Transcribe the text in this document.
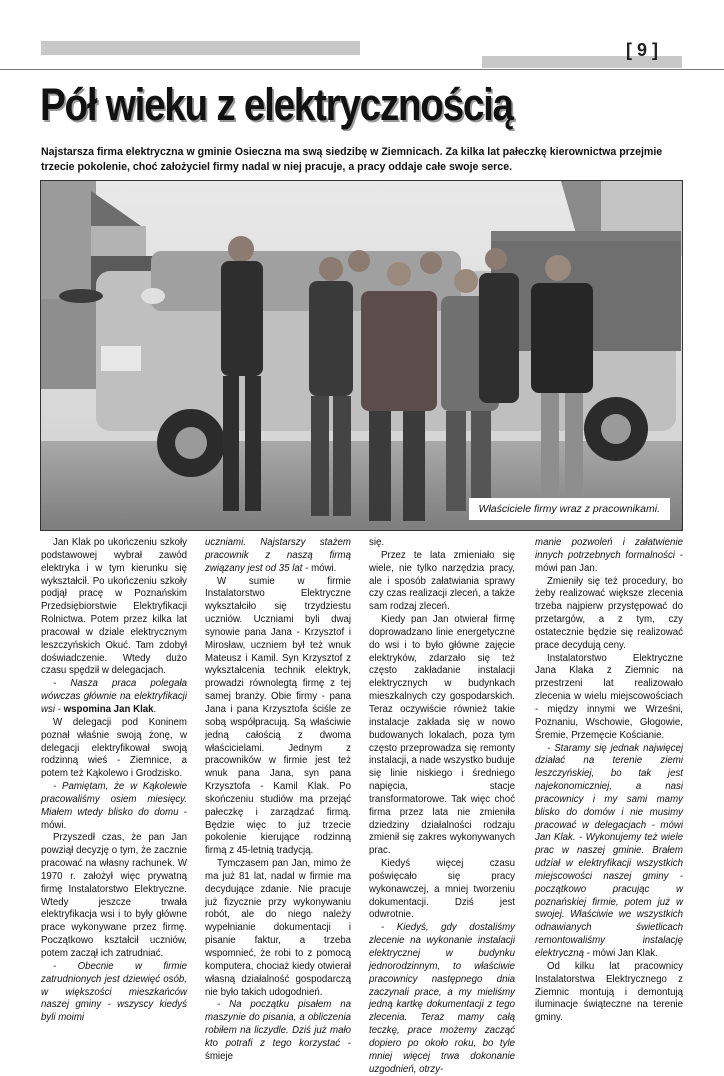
[ 9 ]
Pół wieku z elektrycznością
Najstarsza firma elektryczna w gminie Osieczna ma swą siedzibę w Ziemnicach. Za kilka lat pałeczkę kierownictwa przejmie trzecie pokolenie, choć założyciel firmy nadal w niej pracuje, a pracy oddaje całe swoje serce.
Właściciele firmy wraz z pracownikami.

Jan Klak po ukończeniu szkoły podstawowej wybrał zawód elektryka i w tym kierunku się wykształcił. Po ukończeniu szkoły podjął pracę w Poznańskim Przedsiębiorstwie Elektryfikacji Rolnictwa. Potem przez kilka lat pracował w dziale elektrycznym leszczyńskich Okuć. Tam zdobył doświadczenie. Wtedy dużo czasu spędził w delegacjach.

- Nasza praca polegała wówczas głównie na elektryfikacji wsi - wspomina Jan Klak.

W delegacji pod Koninem poznał właśnie swoją żonę, w delegacji elektryfikował swoją rodzinną wieś - Ziemnice, a potem też Kąkolewo i Grodzisko.

- Pamiętam, że w Kąkolewie pracowaliśmy osiem miesięcy. Miałem wtedy blisko do domu - mówi.

Przyszedł czas, że pan Jan powziął decyzję o tym, że zacznie pracować na własny rachunek. W 1970 r. założył więc prywatną firmę Instalatorstwo Elektryczne. Wtedy jeszcze trwała elektryfikacja wsi i to były główne prace wykonywane przez firmę. Początkowo kształcił uczniów, potem zaczął ich zatrudniać.

- Obecnie w firmie zatrudnionych jest dziewięć osób, w większości mieszkańców naszej gminy - wszyscy kiedyś byli moimi

uczniami. Najstarszy stażem pracownik z naszą firmą związany jest od 35 lat - mówi.

W sumie w firmie Instalatorstwo Elektryczne wykształciło się trzydziestu uczniów. Uczniami byli dwaj synowie pana Jana - Krzysztof i Mirosław, uczniem był też wnuk Mateusz i Kamil. Syn Krzysztof z wykształcenia technik elektryk, prowadzi równolegtą firmę z tej samej branży. Obie firmy - pana Jana i pana Krzysztofa ściśle ze sobą współpracują. Są właściwie jedną całością z dwoma właścicielami. Jednym z pracowników w firmie jest też wnuk pana Jana, syn pana Krzysztofa - Kamil Klak. Po skończeniu studiów ma przejąć pałeczkę i zarządzać firmą. Będzie więc to już trzecie pokolenie kierujące rodzinną firmą z 45-letnią tradycją.

Tymczasem pan Jan, mimo że ma już 81 lat, nadal w firmie ma decydujące zdanie. Nie pracuje już fizycznie przy wykonywaniu robót, ale do niego należy wypełnianie dokumentacji i pisanie faktur, a trzeba wspomnieć, że robi to z pomocą komputera, chociaż kiedy otwierał własną działalność gospodarczą nie było takich udogodnień.

- Na początku pisałem na maszynie do pisania, a obliczenia robiłem na liczydle. Dziś już mało kto potrafi z tego korzystać - śmieje

się.

Przez te lata zmieniało się wiele, nie tylko narzędzia pracy, ale i sposób załatwiania sprawy czy czas realizacji zleceń, a także sam rodzaj zleceń.

Kiedy pan Jan otwierał firmę doprowadzano linie energetyczne do wsi i to było główne zajęcie elektryków, zdarzało się też często zakładanie instalacji elektrycznych w budynkach mieszkalnych czy gospodarskich. Teraz oczywiście również takie instalacje zakłada się w nowo budowanych lokalach, poza tym często przeprowadza się remonty instalacji, a nade wszystko buduje się linie niskiego i średniego napięcia, stacje transformatorowe. Tak więc choć firma przez lata nie zmieniła dziedziny działalności rodzaju zmienił się zakres wykonywanych prac.

Kiedyś więcej czasu poświęcało się pracy wykonawczej, a mniej tworzeniu dokumentacji. Dziś jest odwrotnie.

- Kiedyś, gdy dostaliśmy zlecenie na wykonanie instalacji elektrycznej w budynku jednorodzinnym, to właściwie pracownicy następnego dnia zaczynali prace, a my mieliśmy jedną kartkę dokumentacji z tego zlecenia. Teraz mamy całą teczkę, prace możemy zacząć dopiero po około roku, bo tyle mniej więcej trwa dokonanie uzgodnień, otrzy-

manie pozwoleń i załatwienie innych potrzebnych formalności - mówi pan Jan.

Zmieniły się też procedury, bo żeby realizować większe zlecenia trzeba najpierw przystępować do przetargów, a z tym, czy ostatecznie będzie się realizować prace decydują ceny.

Instalatorstwo Elektryczne Jana Klaka z Ziemnic na przestrzeni lat realizowało zlecenia w wielu miejscowościach - między innymi we Wrześni, Poznaniu, Wschowie, Głogowie, Śremie, Przemęcie Kościanie.

- Staramy się jednak najwięcej działać na terenie ziemi leszczyńskiej, bo tak jest najekonomiczniej, a nasi pracownicy i my sami mamy blisko do domów i nie musimy pracować w delegacjach - mówi Jan Klak. - Wykonujemy też wiele prac w naszej gminie. Brałem udział w elektryfikacji wszystkich miejscowości naszej gminy - początkowo pracując w poznańskiej firmie, potem już w swojej. Właściwie we wszystkich odnawianych świetlicach remontowaliśmy instalację elektryczną - mówi Jan Klak.

Od kilku lat pracownicy Instalatorstwa Elektrycznego z Ziemnic montują i demontują iluminacje świąteczne na terenie gminy.
